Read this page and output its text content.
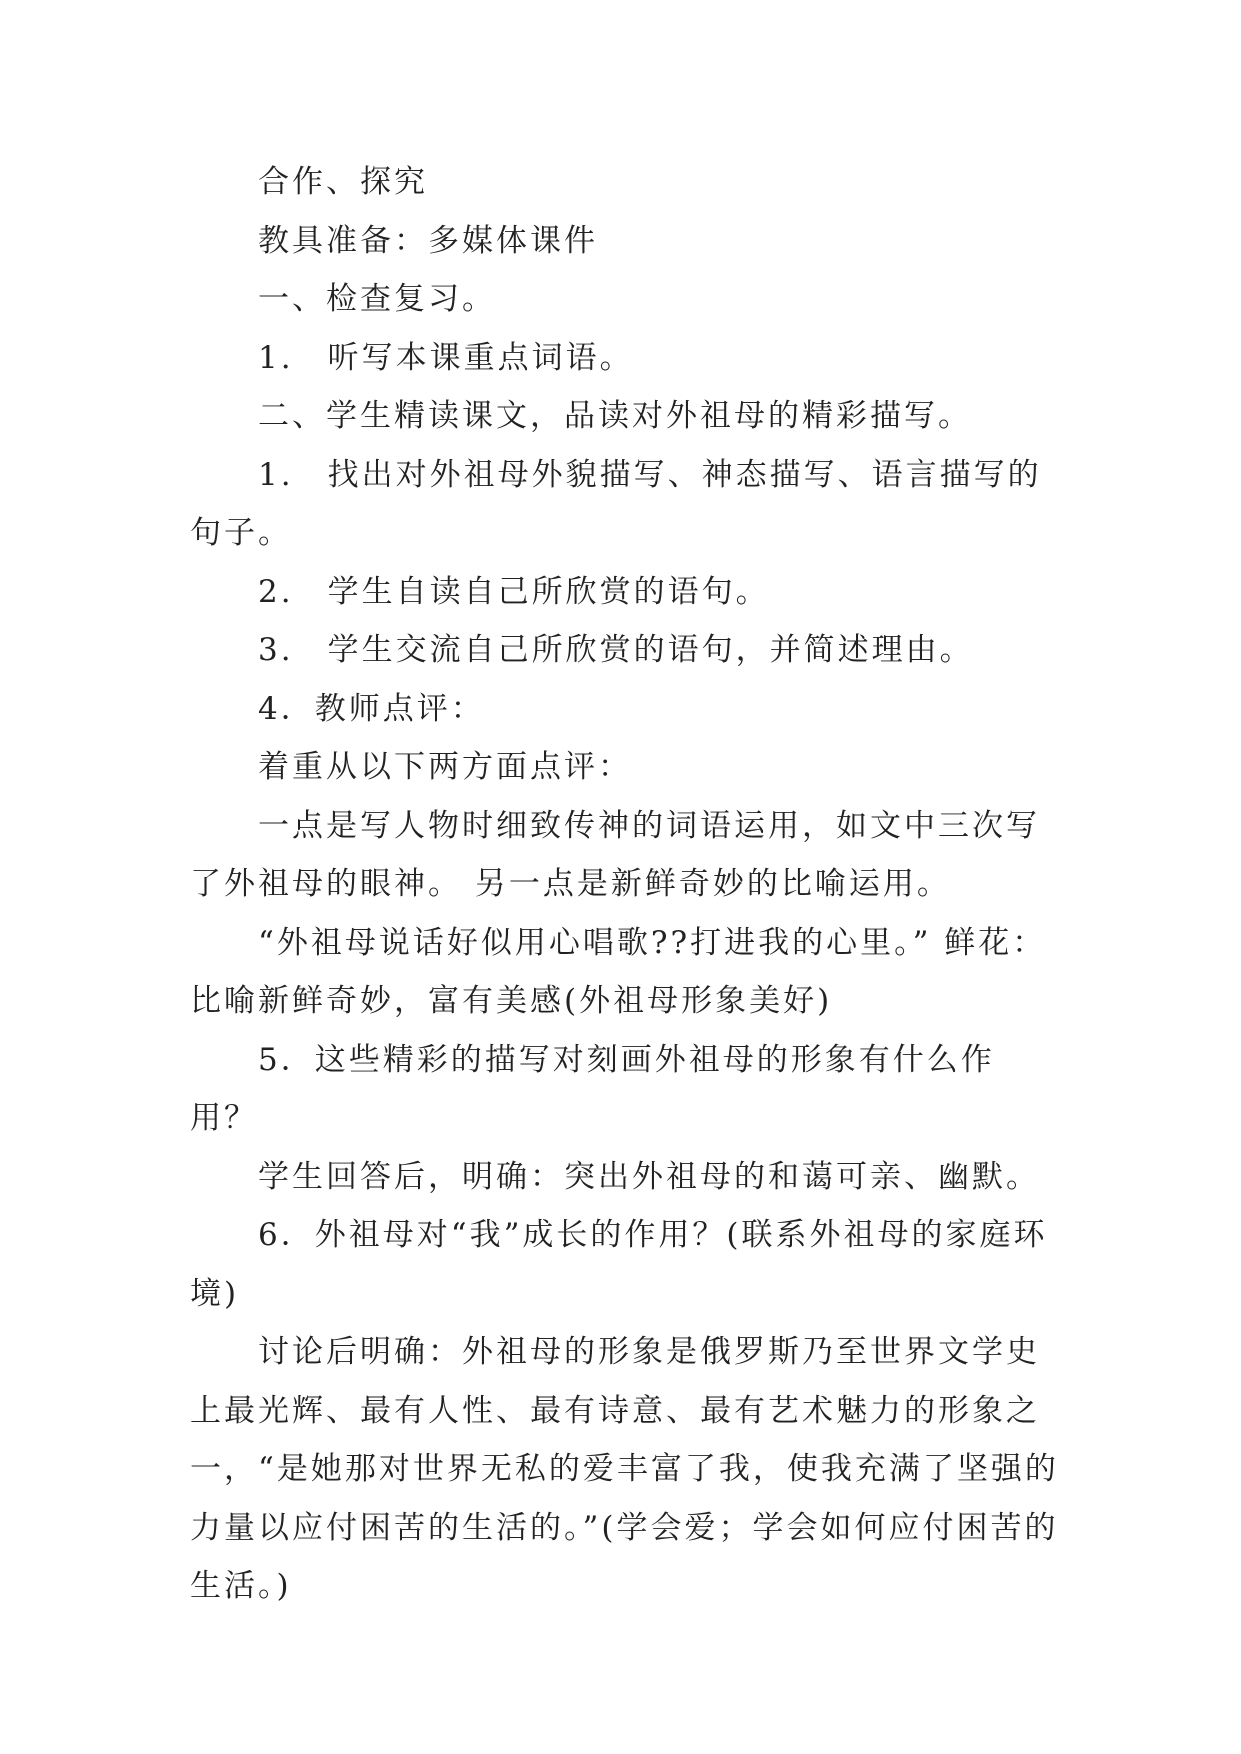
合作、探究

教具准备：多媒体课件

一、检查复习。

1.　听写本课重点词语。

二、学生精读课文，品读对外祖母的精彩描写。

1.　找出对外祖母外貌描写、神态描写、语言描写的句子。

2.　学生自读自己所欣赏的语句。

3.　学生交流自己所欣赏的语句，并简述理由。

4．教师点评：

着重从以下两方面点评：

一点是写人物时细致传神的词语运用，如文中三次写了外祖母的眼神。 另一点是新鲜奇妙的比喻运用。

“外祖母说话好似用心唱歌??打进我的心里。” 鲜花：比喻新鲜奇妙，富有美感(外祖母形象美好)

5．这些精彩的描写对刻画外祖母的形象有什么作用？

学生回答后，明确：突出外祖母的和蔼可亲、幽默。

6．外祖母对“我”成长的作用？(联系外祖母的家庭环境)

讨论后明确：外祖母的形象是俄罗斯乃至世界文学史上最光辉、最有人性、最有诗意、最有艺术魅力的形象之一，“是她那对世界无私的爱丰富了我，使我充满了坚强的力量以应付困苦的生活的。”(学会爱；学会如何应付困苦的生活。)
